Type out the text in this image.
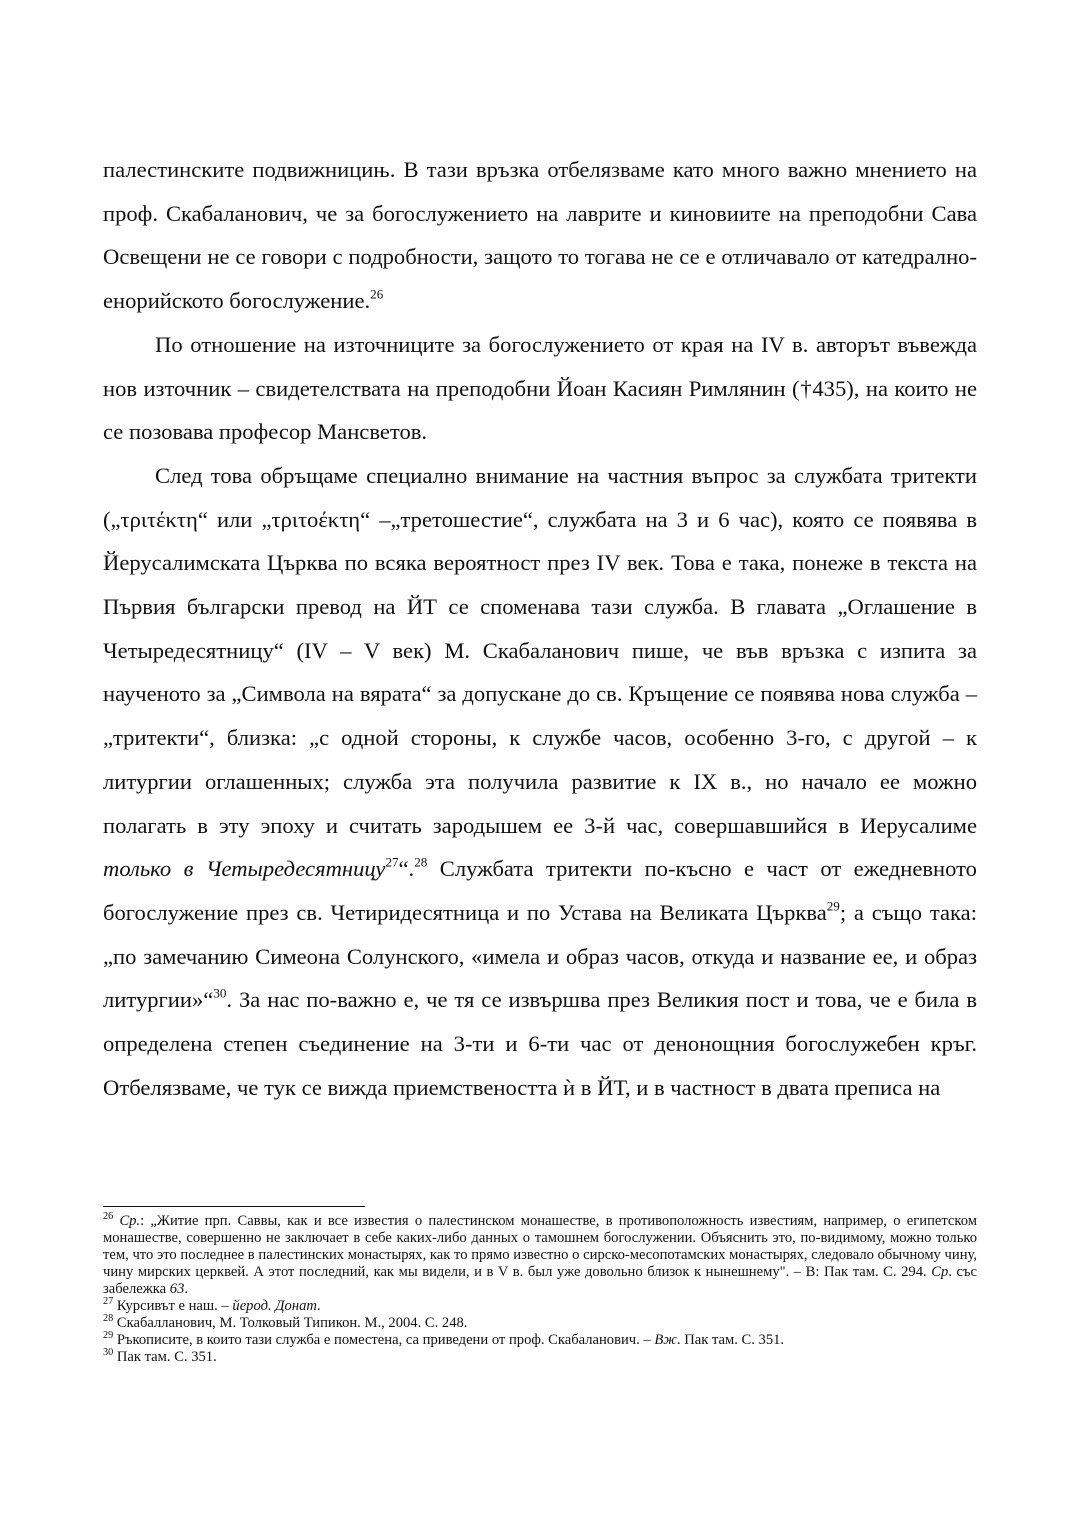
палестинските подвижницињ. В тази връзка отбелязваме като много важно мнението на проф. Скабаланович, че за богослужението на лаврите и киновиите на преподобни Сава Освещени не се говори с подробности, защото то тогава не се е отличавало от катедрално-енорийското богослужение.$^{26}$

По отношение на източниците за богослужението от края на IV в. авторът въвежда нов източник – свидетелствата на преподобни Йоан Касиян Римлянин (†435), на които не се позовава професор Мансветов.

След това обръщаме специално внимание на частния въпрос за службата тритекти („τριτέκτη“ или „τριτοέκτη“ –„третошестие“, службата на 3 и 6 час), която се появява в Йерусалимската Църква по всяка вероятност през IV век. Това е така, понеже в текста на Първия български превод на ЙТ се споменава тази служба. В главата „Оглашение в Четыредесятницу“ (IV – V век) М. Скабаланович пише, че във връзка с изпита за наученото за „Символа на вярата“ за допускане до св. Кръщение се появява нова служба –„тритекти“, близка: „с одной стороны, к службе часов, особенно 3-го, с другой – к литургии оглашенных; служба эта получила развитие к IX в., но начало ее можно полагать в эту эпоху и считать зародышем ее 3-й час, совершавшийся в Иерусалиме только в Четыредесятницу$^{27}$“.$^{28}$ Службата тритекти по-късно е част от ежедневното богослужение през св. Четиридесятница и по Устава на Великата Църква$^{29}$; а също така: „по замечанию Симеона Солунского, «имела и образ часов, откуда и название ее, и образ литургии»“$^{30}$. За нас по-важно е, че тя се извършва през Великия пост и това, че е била в определена степен съединение на 3-ти и 6-ти час от денонощния богослужебен кръг. Отбелязваме, че тук се вижда приемствеността ѝ в ЙТ, и в частност в двата преписа на

$^{26}$ Ср.: „Житие прп. Саввы, как и все известия о палестинском монашестве, в противоположность известиям, например, о египетском монашестве, совершенно не заключает в себе каких-либо данных о тамошнем богослужении. Объяснить это, по-видимому, можно только тем, что это последнее в палестинских монастырях, как то прямо известно о сирско-месопотамских монастырях, следовало обычному чину, чину мирских церквей. А этот последний, как мы видели, и в V в. был уже довольно близок к нынешнему". – В: Пак там. С. 294. Ср. със забележка 63.

$^{27}$ Курсивът е наш. – йерод. Донат.

$^{28}$ Скабалланович, М. Толковый Типикон. М., 2004. С. 248.

$^{29}$ Ръкописите, в които тази служба е поместена, са приведени от проф. Скабаланович. – Вж. Пак там. С. 351.

$^{30}$ Пак там. С. 351.
